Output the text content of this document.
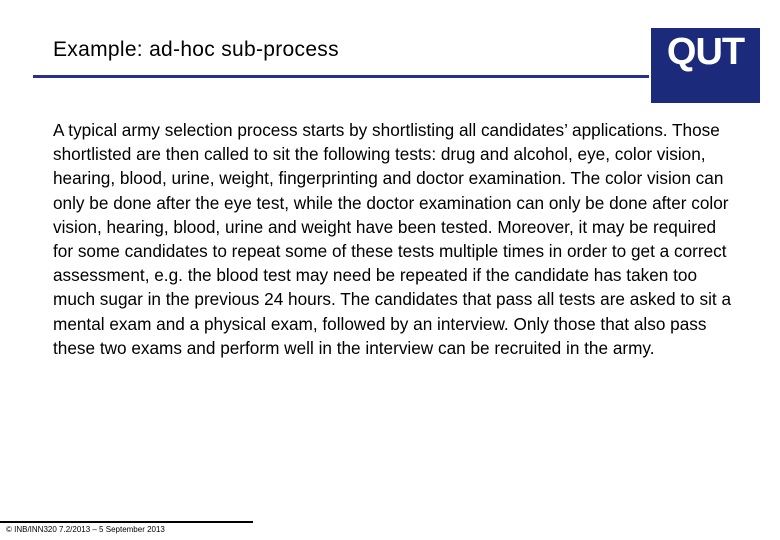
Example: ad-hoc sub-process	QUT

A typical army selection process starts by shortlisting all candidates’ applications. Those shortlisted are then called to sit the following tests: drug and alcohol, eye, color vision, hearing, blood, urine, weight, fingerprinting and doctor examination. The color vision can only be done after the eye test, while the doctor examination can only be done after color vision, hearing, blood, urine and weight have been tested. Moreover, it may be required for some candidates to repeat some of these tests multiple times in order to get a correct assessment, e.g. the blood test may need be repeated if the candidate has taken too much sugar in the previous 24 hours. The candidates that pass all tests are asked to sit a mental exam and a physical exam, followed by an interview. Only those that also pass these two exams and perform well in the interview can be recruited in the army.

© INB/INN320 7.2/2013 – 5 September 2013
